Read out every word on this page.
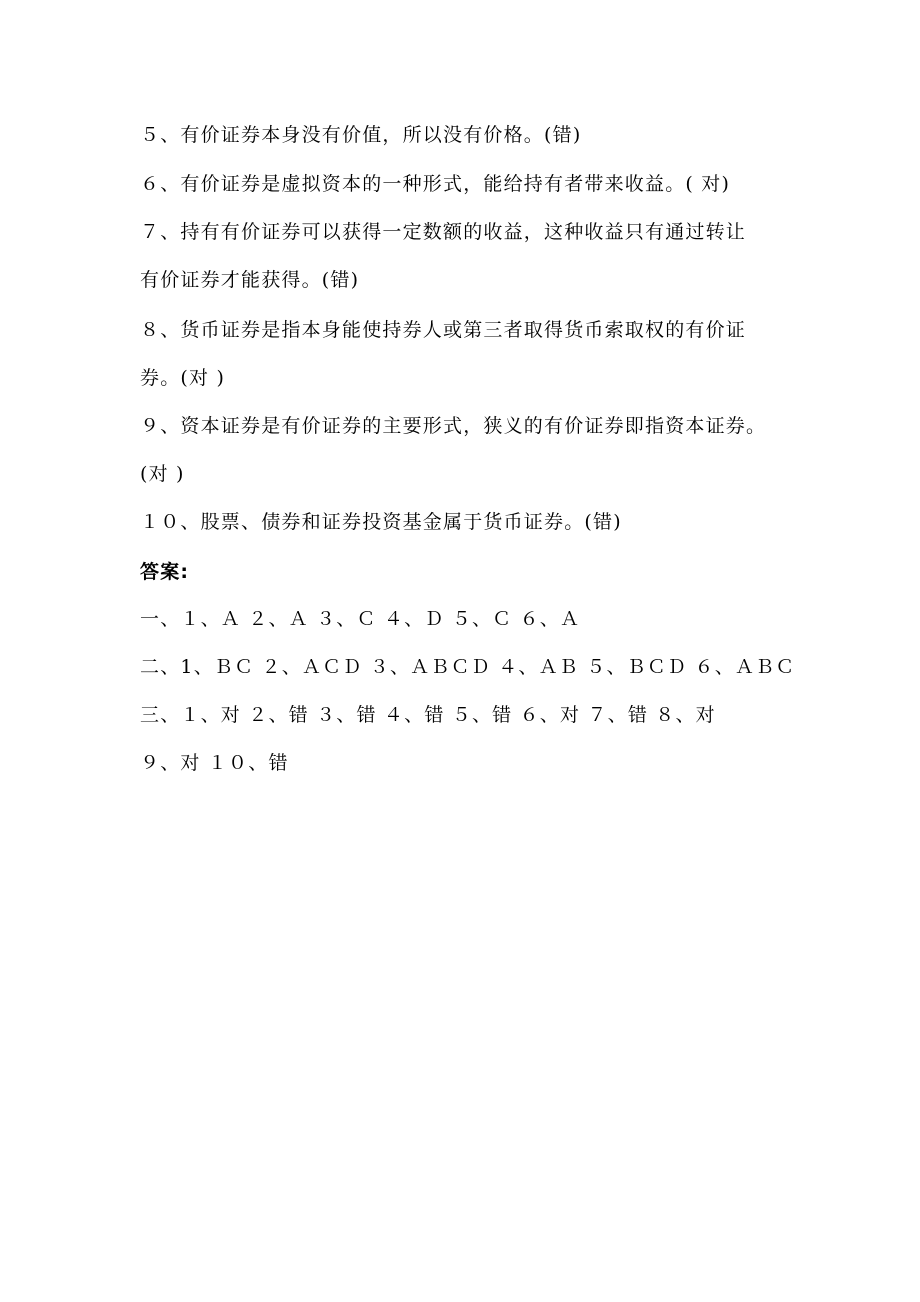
５、有价证券本身没有价值，所以没有价格。(错)
６、有价证券是虚拟资本的一种形式，能给持有者带来收益。( 对)
７、持有有价证券可以获得一定数额的收益，这种收益只有通过转让
有价证券才能获得。(错)
８、货币证券是指本身能使持券人或第三者取得货币索取权的有价证
券。(对 )
９、资本证券是有价证券的主要形式，狭义的有价证券即指资本证券。
(对 )
１０、股票、债券和证券投资基金属于货币证券。(错)
答案:
一、１、Ａ ２、Ａ ３、Ｃ ４、Ｄ ５、Ｃ ６、Ａ
二、1、ＢＣ ２、ＡＣＤ ３、ＡＢＣＤ ４、ＡＢ ５、ＢＣＤ ６、ＡＢＣ
三、１、对 ２、错 ３、错 ４、错 ５、错 ６、对 ７、错 ８、对
９、对 １０、错
